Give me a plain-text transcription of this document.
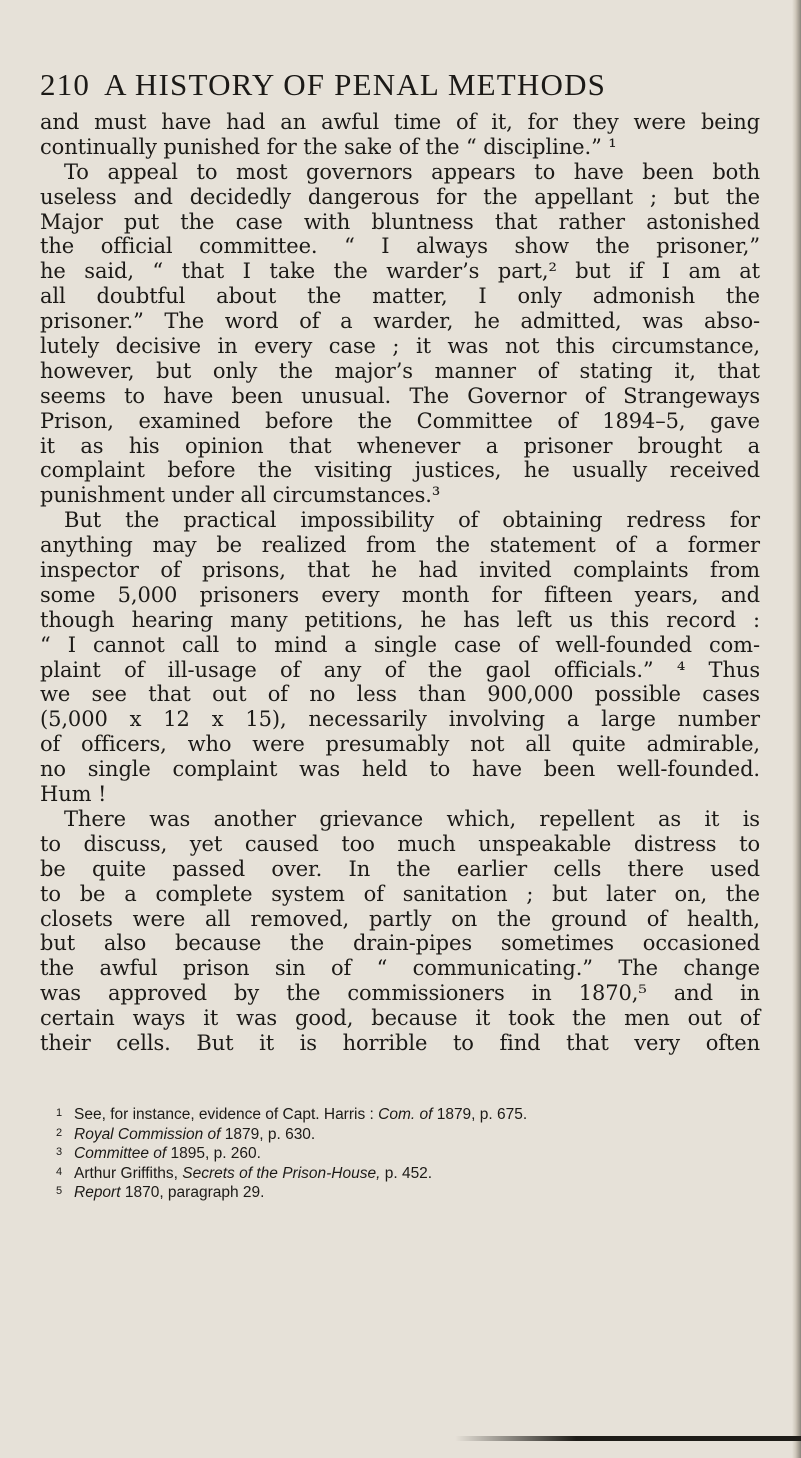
210 A HISTORY OF PENAL METHODS
and must have had an awful time of it, for they were being
continually punished for the sake of the “ discipline.” ¹
To appeal to most governors appears to have been both
useless and decidedly dangerous for the appellant ; but the
Major put the case with bluntness that rather astonished
the official committee. “ I always show the prisoner,”
he said, “ that I take the warder’s part,² but if I am at
all doubtful about the matter, I only admonish the
prisoner.” The word of a warder, he admitted, was abso-
lutely decisive in every case ; it was not this circumstance,
however, but only the major’s manner of stating it, that
seems to have been unusual. The Governor of Strangeways
Prison, examined before the Committee of 1894–5, gave
it as his opinion that whenever a prisoner brought a
complaint before the visiting justices, he usually received
punishment under all circumstances.³
But the practical impossibility of obtaining redress for
anything may be realized from the statement of a former
inspector of prisons, that he had invited complaints from
some 5,000 prisoners every month for fifteen years, and
though hearing many petitions, he has left us this record :
“ I cannot call to mind a single case of well-founded com-
plaint of ill-usage of any of the gaol officials.” ⁴ Thus
we see that out of no less than 900,000 possible cases
(5,000 x 12 x 15), necessarily involving a large number
of officers, who were presumably not all quite admirable,
no single complaint was held to have been well-founded.
Hum !
There was another grievance which, repellent as it is
to discuss, yet caused too much unspeakable distress to
be quite passed over. In the earlier cells there used
to be a complete system of sanitation ; but later on, the
closets were all removed, partly on the ground of health,
but also because the drain-pipes sometimes occasioned
the awful prison sin of “ communicating.” The change
was approved by the commissioners in 1870,⁵ and in
certain ways it was good, because it took the men out of
their cells. But it is horrible to find that very often
1 See, for instance, evidence of Capt. Harris : Com. of 1879, p. 675.
2 Royal Commission of 1879, p. 630.
3 Committee of 1895, p. 260.
4 Arthur Griffiths, Secrets of the Prison-House, p. 452.
5 Report 1870, paragraph 29.
